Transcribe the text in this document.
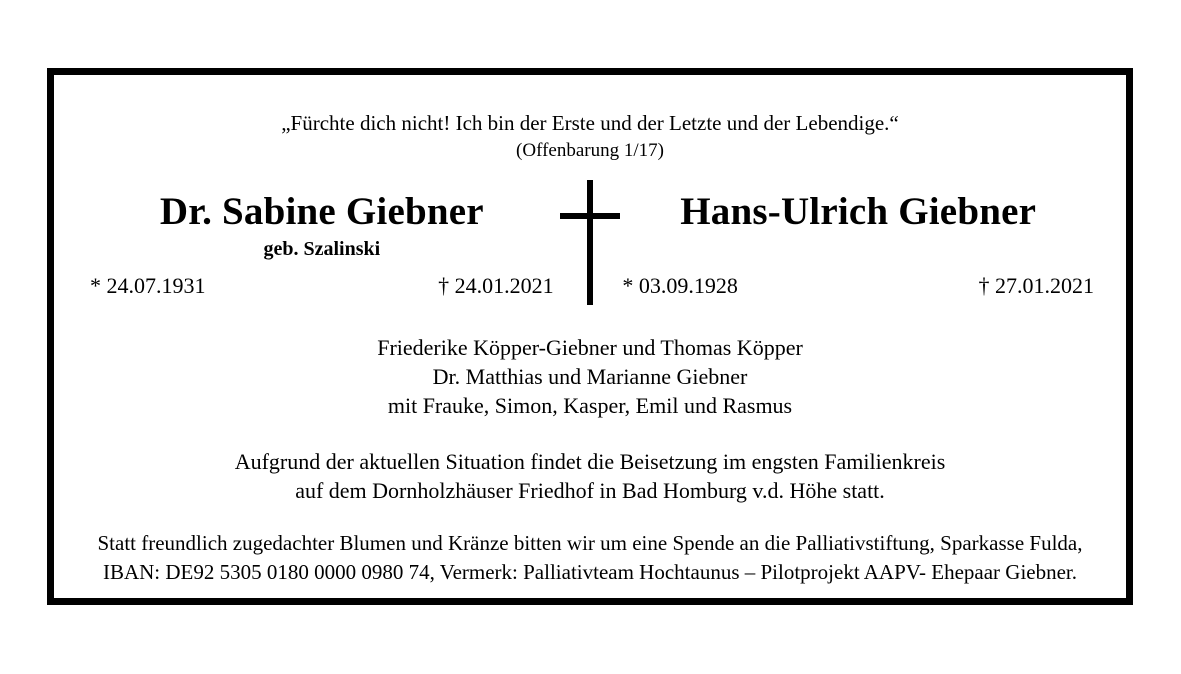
„Fürchte dich nicht! Ich bin der Erste und der Letzte und der Lebendige.“
(Offenbarung 1/17)
Dr. Sabine Giebner
geb. Szalinski
* 24.07.1931	† 24.01.2021
Hans-Ulrich Giebner
* 03.09.1928	† 27.01.2021
Friederike Köpper-Giebner und Thomas Köpper
Dr. Matthias und Marianne Giebner
mit Frauke, Simon, Kasper, Emil und Rasmus
Aufgrund der aktuellen Situation findet die Beisetzung im engsten Familienkreis
auf dem Dornholzhäuser Friedhof in Bad Homburg v.d. Höhe statt.
Statt freundlich zugedachter Blumen und Kränze bitten wir um eine Spende an die Palliativstiftung, Sparkasse Fulda,
IBAN: DE92 5305 0180 0000 0980 74, Vermerk: Palliativteam Hochtaunus – Pilotprojekt AAPV- Ehepaar Giebner.
